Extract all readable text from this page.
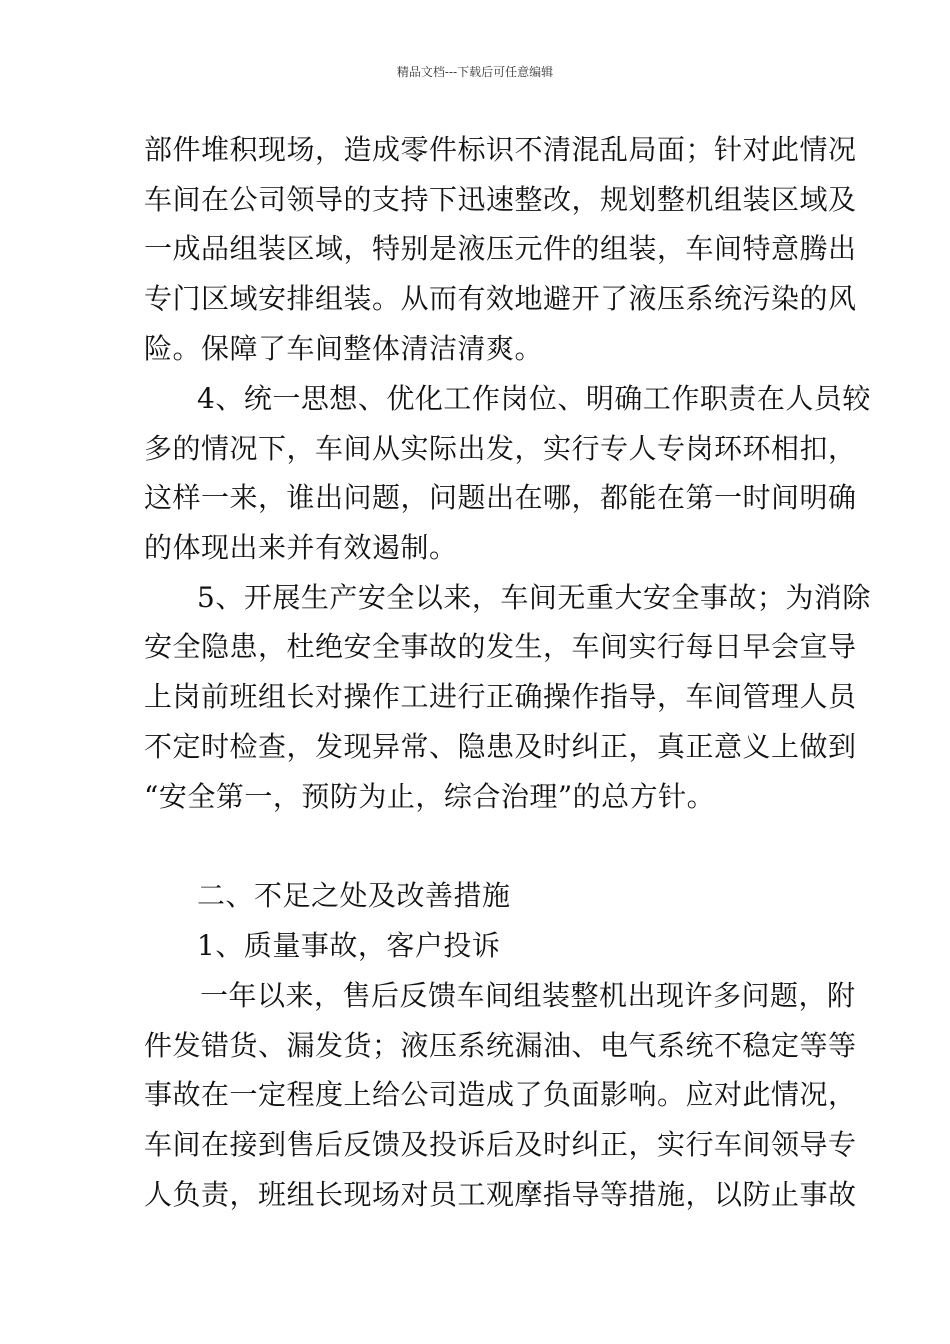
精品文档---下载后可任意编辑
部件堆积现场，造成零件标识不清混乱局面；针对此情况
车间在公司领导的支持下迅速整改，规划整机组装区域及
一成品组装区域，特别是液压元件的组装，车间特意腾出
专门区域安排组装。从而有效地避开了液压系统污染的风
险。保障了车间整体清洁清爽。
4、统一思想、优化工作岗位、明确工作职责在人员较
多的情况下，车间从实际出发，实行专人专岗环环相扣，
这样一来，谁出问题，问题出在哪，都能在第一时间明确
的体现出来并有效遏制。
5、开展生产安全以来，车间无重大安全事故；为消除
安全隐患，杜绝安全事故的发生，车间实行每日早会宣导
上岗前班组长对操作工进行正确操作指导，车间管理人员
不定时检查，发现异常、隐患及时纠正，真正意义上做到
“安全第一，预防为止，综合治理”的总方针。
二、不足之处及改善措施
1、质量事故，客户投诉
一年以来，售后反馈车间组装整机出现许多问题，附
件发错货、漏发货；液压系统漏油、电气系统不稳定等等
事故在一定程度上给公司造成了负面影响。应对此情况，
车间在接到售后反馈及投诉后及时纠正，实行车间领导专
人负责，班组长现场对员工观摩指导等措施，以防止事故
